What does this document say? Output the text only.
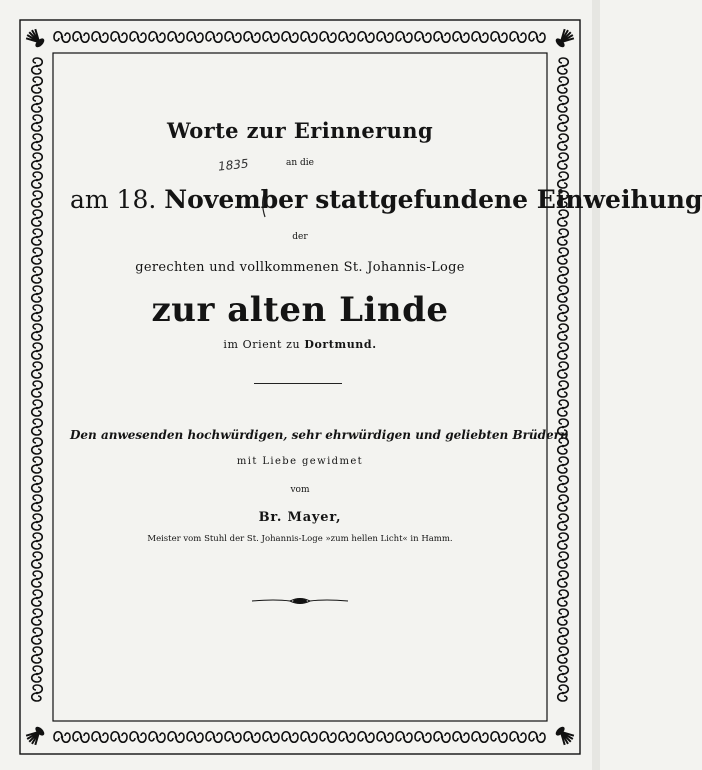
Worte zur Erinnerung
an die
1835
am 18. November stattgefundene Einweihung
der
gerechten und vollkommenen St. Johannis-Loge
zur alten Linde
im Orient zu Dortmund.
Den anwesenden hochwürdigen, sehr ehrwürdigen und geliebten Brüdern
mit Liebe gewidmet
vom
Br. Mayer,
Meister vom Stuhl der St. Johannis-Loge »zum hellen Licht« in Hamm.
